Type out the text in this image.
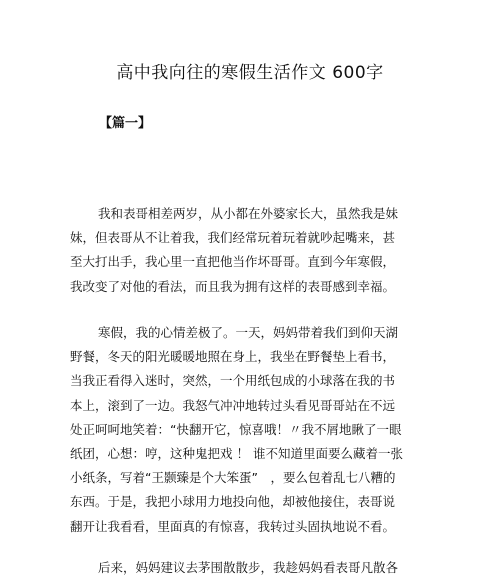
高中我向往的寒假生活作文 600字
【篇一】
我和表哥相差两岁，从小都在外婆家长大，虽然我是妹
妹，但表哥从不让着我，我们经常玩着玩着就吵起嘴来，甚
至大打出手，我心里一直把他当作坏哥哥。直到今年寒假，
我改变了对他的看法，而且我为拥有这样的表哥感到幸福。
寒假，我的心情差极了。一天，妈妈带着我们到仰天湖
野餐，冬天的阳光暖暖地照在身上，我坐在野餐垫上看书，
当我正看得入迷时，突然，一个用纸包成的小球落在我的书
本上，滚到了一边。我怒气冲冲地转过头看见哥哥站在不远
处正呵呵地笑着：“快翻开它，惊喜哦！〃我不屑地瞅了一眼
纸团，心想：哼，这种鬼把戏 ！ 谁不知道里面要么藏着一张
小纸条，写着“王颢臻是个大笨蛋”　，要么包着乱七八糟的
东西。于是，我把小球用力地投向他，却被他接住，表哥说
翻开让我看看，里面真的有惊喜，我转过头固执地说不看。
后来，妈妈建议去茅围散散步，我趁妈妈看表哥凡散各
